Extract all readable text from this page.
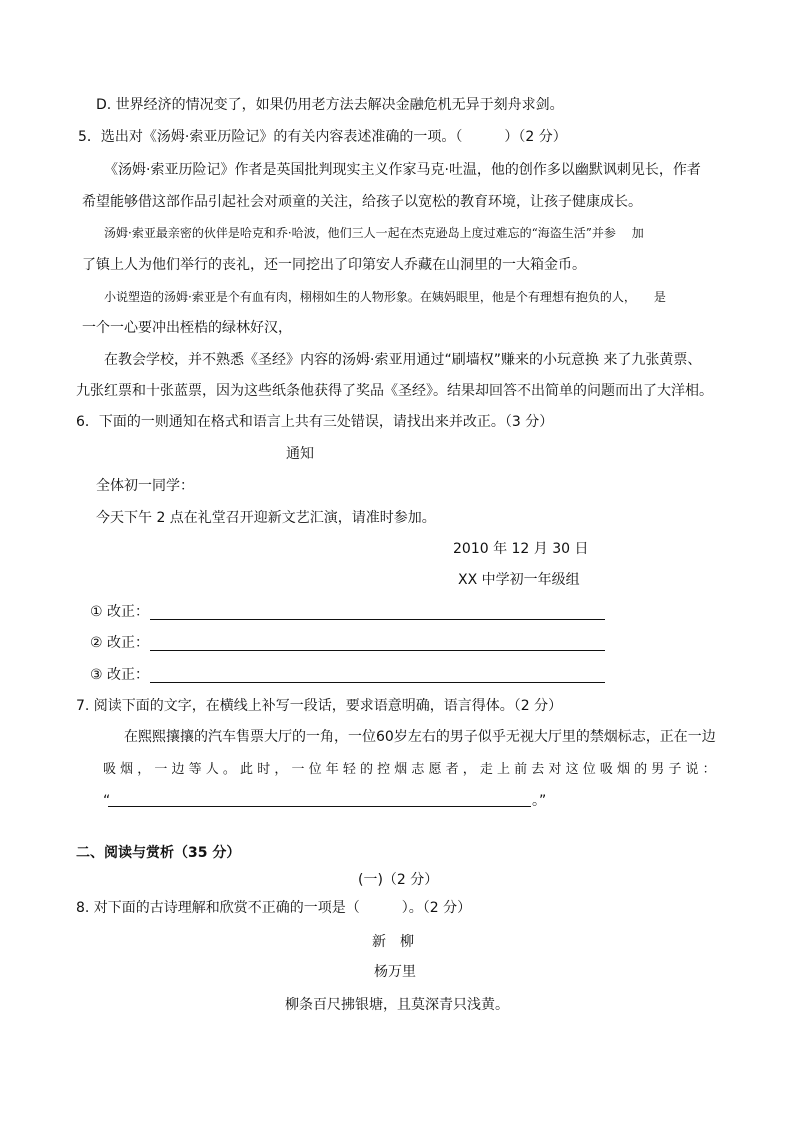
D. 世界经济的情况变了，如果仍用老方法去解决金融危机无异于刻舟求剑。
5．选出对《汤姆·索亚历险记》的有关内容表述准确的一项。（　　　）（2 分）
《汤姆·索亚历险记》作者是英国批判现实主义作家马克·吐温，他的创作多以幽默讽刺见长，作者
希望能够借这部作品引起社会对顽童的关注，给孩子以宽松的教育环境，让孩子健康成长。
汤姆·索亚最亲密的伙伴是哈克和乔·哈波，他们三人一起在杰克逊岛上度过难忘的“海盗生活”并参　 加
了镇上人为他们举行的丧礼，还一同挖出了印第安人乔藏在山洞里的一大箱金币。
小说塑造的汤姆·索亚是个有血有肉，栩栩如生的人物形象。在姨妈眼里，他是个有理想有抱负的人，　　是
一个一心要冲出桎梏的绿林好汉，
在教会学校，并不熟悉《圣经》内容的汤姆·索亚用通过“刷墙权”赚来的小玩意换 来了九张黄票、
九张红票和十张蓝票，因为这些纸条他获得了奖品《圣经》。结果却回答不出简单的问题而出了大洋相。
6．下面的一则通知在格式和语言上共有三处错误，请找出来并改正。（3 分）
通知
全体初一同学：
今天下午 2 点在礼堂召开迎新文艺汇演，请准时参加。
2010 年 12 月 30 日
XX 中学初一年级组
① 改正：
② 改正：
③ 改正：
7. 阅读下面的文字，在横线上补写一段话，要求语意明确，语言得体。（2 分）
在熙熙攘攘的汽车售票大厅的一角，一位60岁左右的男子似乎无视大厅里的禁烟标志，正在一边
吸 烟 ， 一 边 等 人 。 此 时 ， 一 位 年 轻 的 控 烟 志 愿 者 ， 走 上 前 去 对 这 位 吸 烟 的 男 子 说 ：
“	。”
二、阅读与赏析（35 分）
(一)（2 分）
8. 对下面的古诗理解和欣赏不正确的一项是（　　　）。（2 分）
新　柳
杨万里
柳条百尺拂银塘，且莫深青只浅黄。
